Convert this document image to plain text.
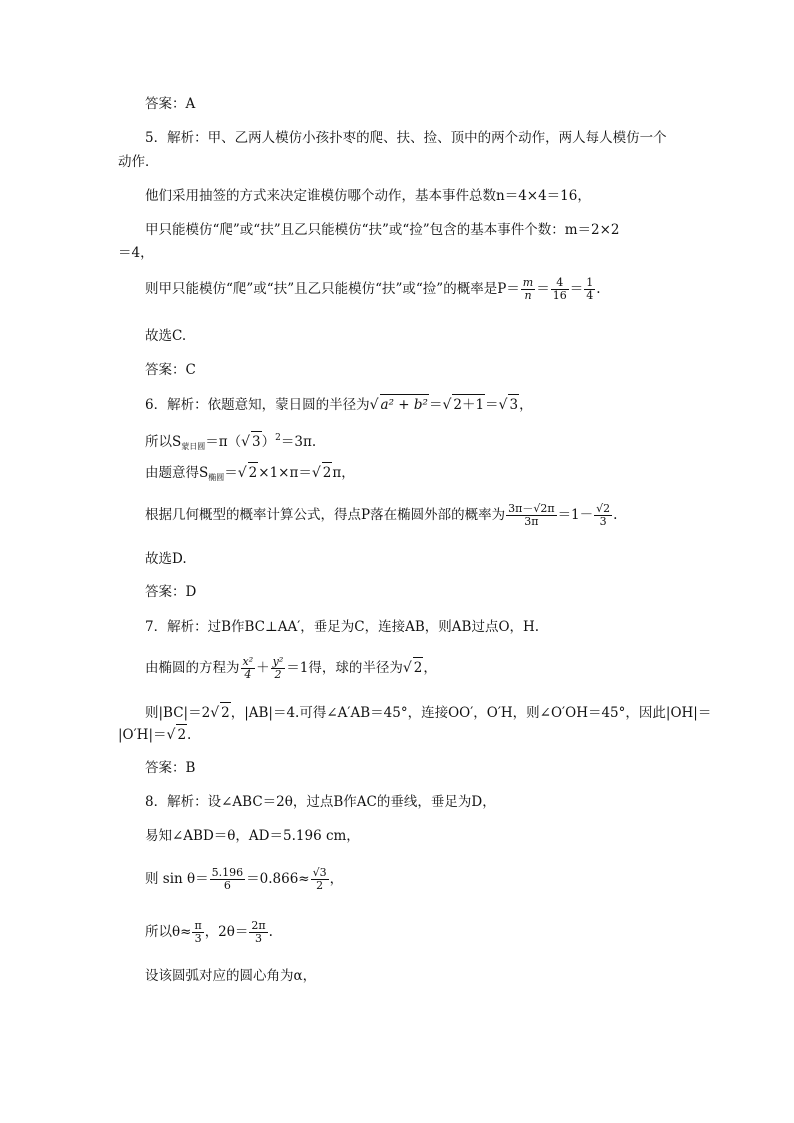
答案：A
5．解析：甲、乙两人模仿小孩扑枣的爬、扶、捡、顶中的两个动作，两人每人模仿一个
动作．
他们采用抽签的方式来决定谁模仿哪个动作，基本事件总数n＝4×4＝16，
甲只能模仿“爬”或“扶”且乙只能模仿“扶”或“捡”包含的基本事件个数：m＝2×2
＝4，
则甲只能模仿“爬”或“扶”且乙只能模仿“扶”或“捡”的概率是$P= \frac{m}{n} = \frac{4}{16} = \frac{1}{4}$ .
故选C.
答案：C
6．解析：依题意知，蒙日圆的半径为√ a² + b²＝√ 2＋1＝√ 3，
所以$S_{蒙日圆}=\pi(√$ 3）$^2$＝3π.
由题意得$S_{椭圆}=√$ 2×1×π＝√ 2π，
根据几何概型的概率计算公式，得点P落在椭圆外部的概率为 $\frac{3\pi-√2\pi}{3\pi} =1- \frac{√2}{3}$ .
故选D.
答案：D
7．解析：过B作BC⊥AA′，垂足为C，连接AB，则AB过点O，H.
由椭圆的方程为 $\frac{\text{x²}}{4} + \frac{\text{y²}}{2} =1$得，球的半径为√ 2，
则|BC|＝2√ 2，|AB|＝4.可得∠A′AB＝45°，连接OO′，O′H，则∠O′OH＝45°，因此|OH|＝
|O′H|＝√ 2.
答案：B
8．解析：设∠ABC＝2θ，过点B作AC的垂线，垂足为D，
易知∠ABD＝θ，AD＝5.196 cm，
则 $\sin \theta= \frac{5.196}{6} =0.866\approx \frac{√3}{2}$ ，
所以$\theta\approx \frac{\pi}{3}$ ，$2\theta= \frac{2\pi}{3}$ .
设该圆弧对应的圆心角为α，
